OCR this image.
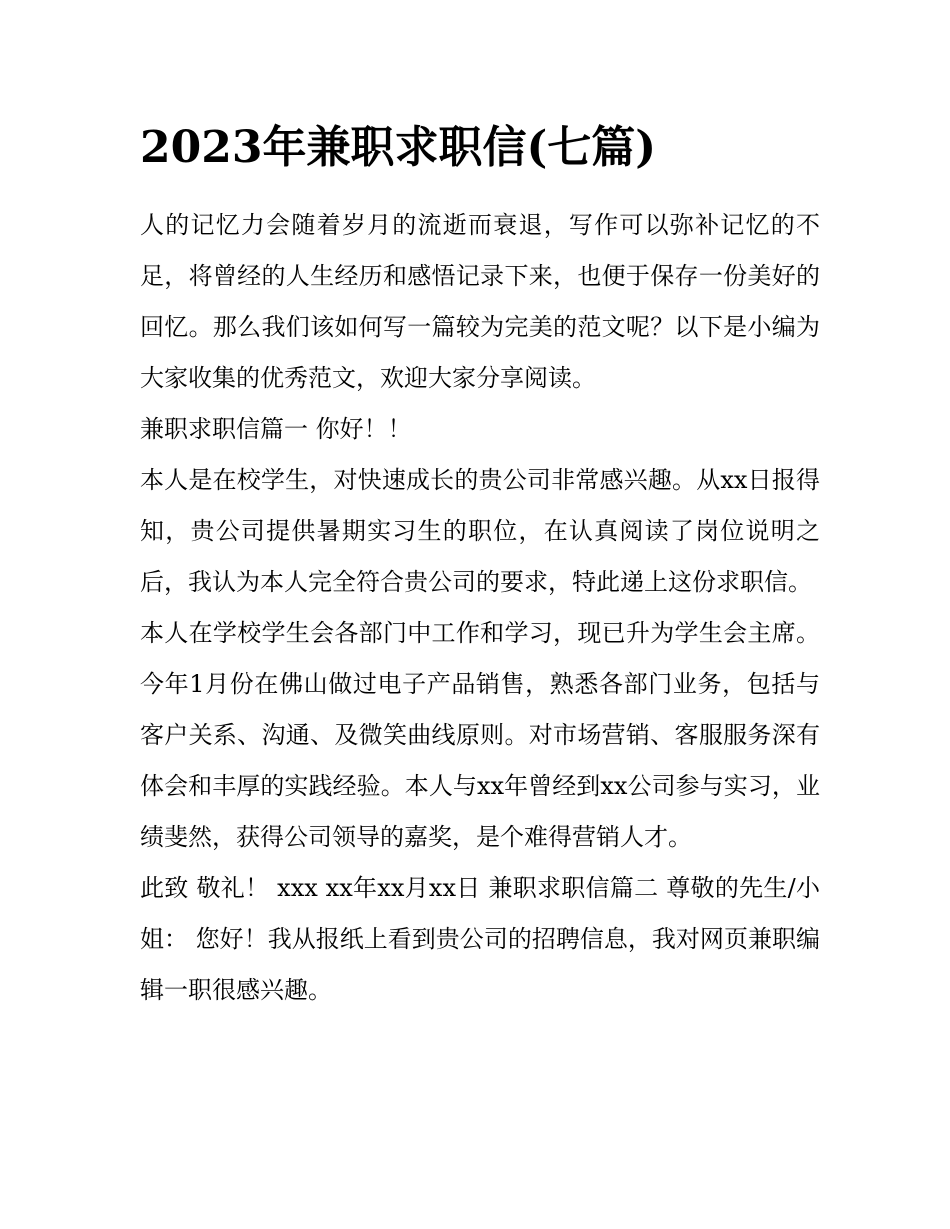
2023年兼职求职信(七篇)

人的记忆力会随着岁月的流逝而衰退，写作可以弥补记忆的不足，将曾经的人生经历和感悟记录下来，也便于保存一份美好的回忆。那么我们该如何写一篇较为完美的范文呢？以下是小编为大家收集的优秀范文，欢迎大家分享阅读。

兼职求职信篇一 你好！！

本人是在校学生，对快速成长的贵公司非常感兴趣。从xx日报得知，贵公司提供暑期实习生的职位，在认真阅读了岗位说明之后，我认为本人完全符合贵公司的要求，特此递上这份求职信。

本人在学校学生会各部门中工作和学习，现已升为学生会主席。今年1月份在佛山做过电子产品销售，熟悉各部门业务，包括与客户关系、沟通、及微笑曲线原则。对市场营销、客服服务深有体会和丰厚的实践经验。本人与xx年曾经到xx公司参与实习，业绩斐然，获得公司领导的嘉奖，是个难得营销人才。

此致 敬礼！ xxx xx年xx月xx日 兼职求职信篇二 尊敬的先生/小姐： 您好！我从报纸上看到贵公司的招聘信息，我对网页兼职编辑一职很感兴趣。
